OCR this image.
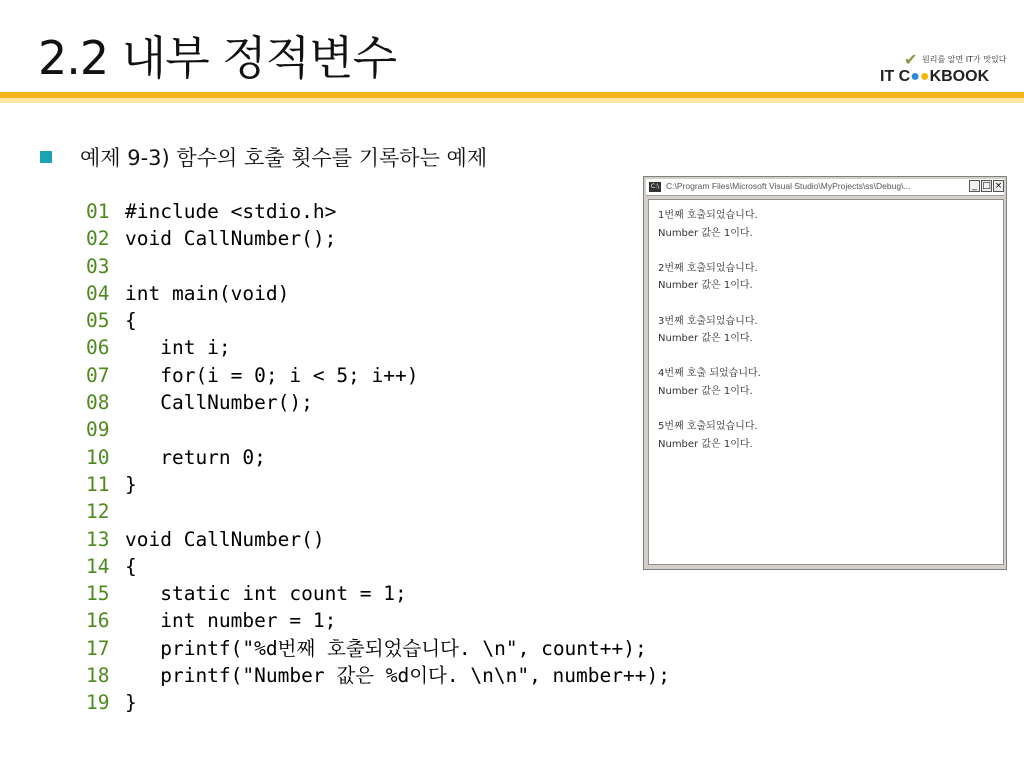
2.2 내부 정적변수	✔ 원리를 알면 IT가 맛있다
IT C●●KBOOK
예제 9-3) 함수의 호출 횟수를 기록하는 예제
01 #include <stdio.h>
02 void CallNumber();
03
04 int main(void)
05 {
06 int i;
07 for(i = 0; i < 5; i++)
08 CallNumber();
09
10 return 0;
11 }
12
13 void CallNumber()
14 {
15 static int count = 1;
16 int number = 1;
17 printf("%d번째 호출되었습니다. \n", count++);
18 printf("Number 값은 %d이다. \n\n", number++);
19 }
C:\ C:\Program Files\Microsoft Visual Studio\MyProjects\ss\Debug\...	_ □ ×
1번째 호출되었습니다.
Number 값은 1이다.
2번째 호출되었습니다.
Number 값은 1이다.
3번째 호출되었습니다.
Number 값은 1이다.
4번째 호출 되었습니다.
Number 값은 1이다.
5번째 호출되었습니다.
Number 값은 1이다.
